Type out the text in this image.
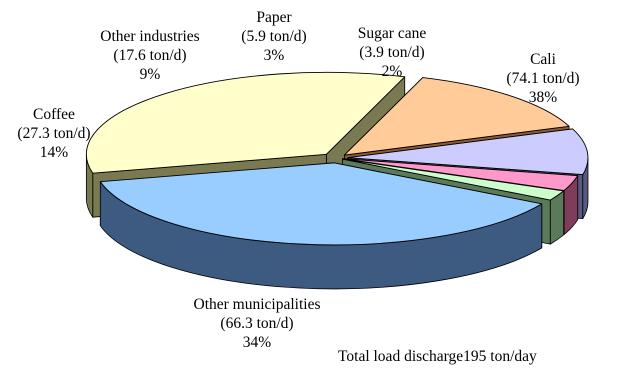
Cali
(74.1 ton/d)
38%
Other municipalities
(66.3 ton/d)
34%
Coffee
(27.3 ton/d)
14%
Other industries
(17.6 ton/d)
9%
Paper
(5.9 ton/d)
3%
Sugar cane
(3.9 ton/d)
2%
Total load discharge195 ton/day
